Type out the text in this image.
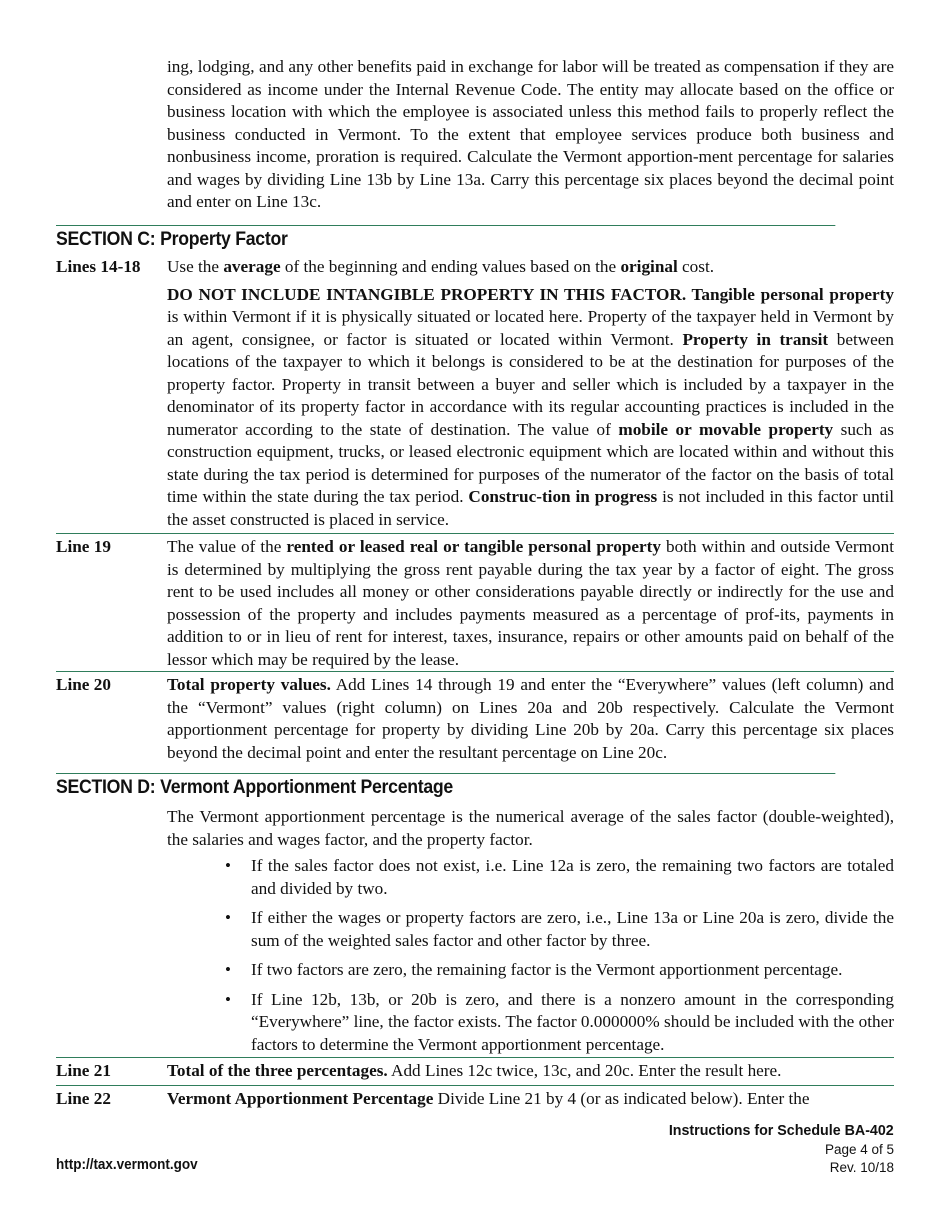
ing, lodging, and any other benefits paid in exchange for labor will be treated as compensation if they are considered as income under the Internal Revenue Code. The entity may allocate based on the office or business location with which the employee is associated unless this method fails to properly reflect the business conducted in Vermont. To the extent that employee services produce both business and nonbusiness income, proration is required. Calculate the Vermont apportion-ment percentage for salaries and wages by dividing Line 13b by Line 13a. Carry this percentage six places beyond the decimal point and enter on Line 13c.
SECTION C: Property Factor
Lines 14-18	Use the average of the beginning and ending values based on the original cost.
DO NOT INCLUDE INTANGIBLE PROPERTY IN THIS FACTOR. Tangible personal property is within Vermont if it is physically situated or located here. Property of the taxpayer held in Vermont by an agent, consignee, or factor is situated or located within Vermont. Property in transit between locations of the taxpayer to which it belongs is considered to be at the destination for purposes of the property factor. Property in transit between a buyer and seller which is included by a taxpayer in the denominator of its property factor in accordance with its regular accounting practices is included in the numerator according to the state of destination. The value of mobile or movable property such as construction equipment, trucks, or leased electronic equipment which are located within and without this state during the tax period is determined for purposes of the numerator of the factor on the basis of total time within the state during the tax period. Construc-tion in progress is not included in this factor until the asset constructed is placed in service.
Line 19	The value of the rented or leased real or tangible personal property both within and outside Vermont is determined by multiplying the gross rent payable during the tax year by a factor of eight. The gross rent to be used includes all money or other considerations payable directly or indirectly for the use and possession of the property and includes payments measured as a percentage of prof-its, payments in addition to or in lieu of rent for interest, taxes, insurance, repairs or other amounts paid on behalf of the lessor which may be required by the lease.
Line 20	Total property values. Add Lines 14 through 19 and enter the “Everywhere” values (left column) and the “Vermont” values (right column) on Lines 20a and 20b respectively. Calculate the Vermont apportionment percentage for property by dividing Line 20b by 20a. Carry this percentage six places beyond the decimal point and enter the resultant percentage on Line 20c.
SECTION D: Vermont Apportionment Percentage
The Vermont apportionment percentage is the numerical average of the sales factor (double-weighted), the salaries and wages factor, and the property factor.
• If the sales factor does not exist, i.e. Line 12a is zero, the remaining two factors are totaled and divided by two.
• If either the wages or property factors are zero, i.e., Line 13a or Line 20a is zero, divide the sum of the weighted sales factor and other factor by three.
• If two factors are zero, the remaining factor is the Vermont apportionment percentage.
• If Line 12b, 13b, or 20b is zero, and there is a nonzero amount in the corresponding “Everywhere” line, the factor exists. The factor 0.000000% should be included with the other factors to determine the Vermont apportionment percentage.
Line 21	Total of the three percentages. Add Lines 12c twice, 13c, and 20c. Enter the result here.
Line 22	Vermont Apportionment Percentage Divide Line 21 by 4 (or as indicated below). Enter the
Instructions for Schedule BA-402
Page 4 of 5
Rev. 10/18
http://tax.vermont.gov
